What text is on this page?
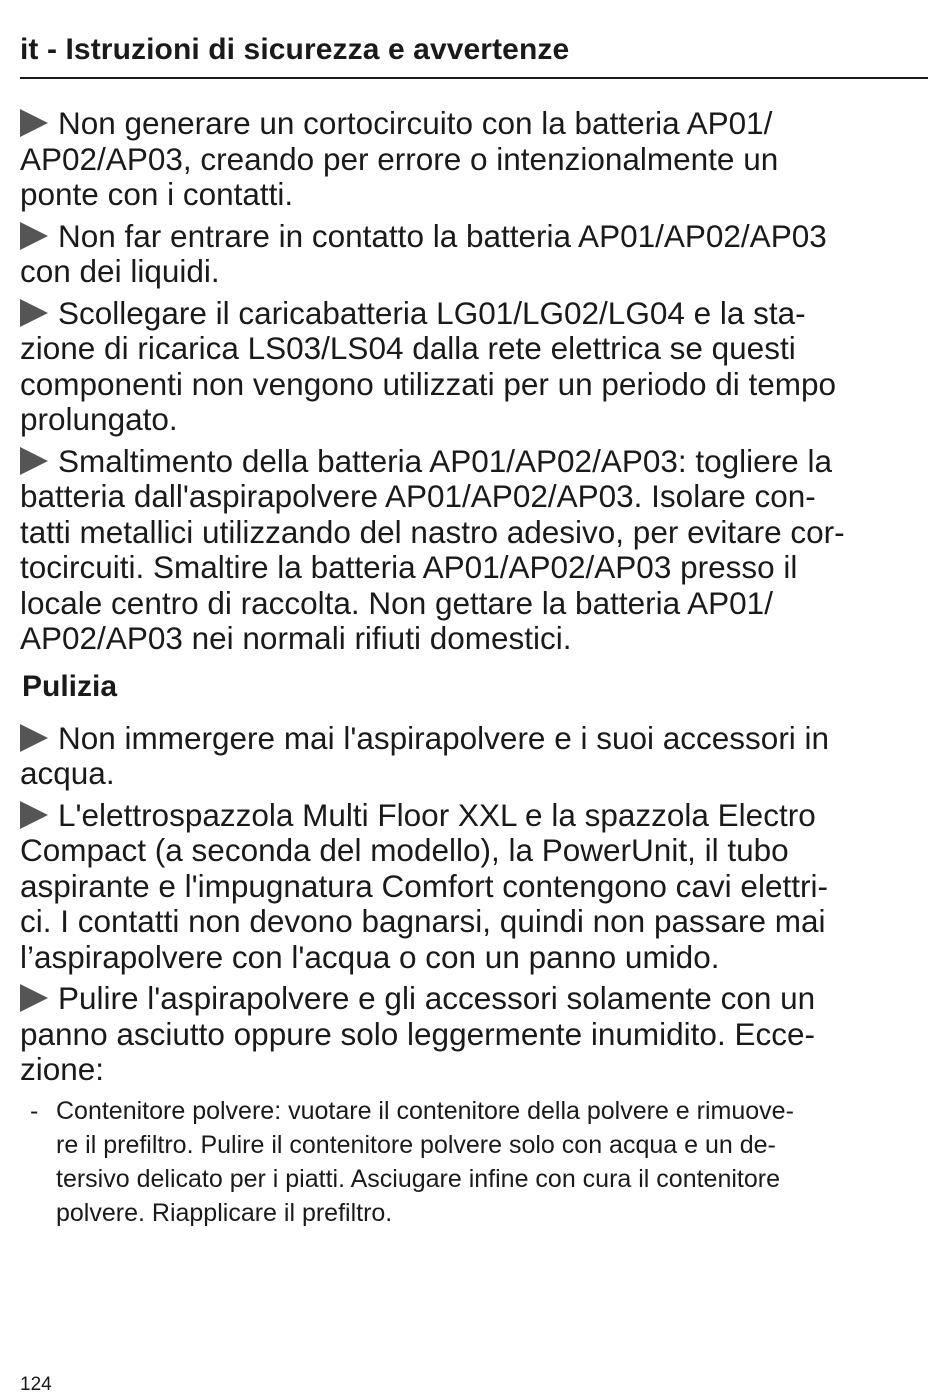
it - Istruzioni di sicurezza e avvertenze
Non generare un cortocircuito con la batteria AP01/
AP02/AP03, creando per errore o intenzionalmente un
ponte con i contatti.
Non far entrare in contatto la batteria AP01/AP02/AP03
con dei liquidi.
Scollegare il caricabatteria LG01/LG02/LG04 e la sta-
zione di ricarica LS03/LS04 dalla rete elettrica se questi
componenti non vengono utilizzati per un periodo di tempo
prolungato.
Smaltimento della batteria AP01/AP02/AP03: togliere la
batteria dall'aspirapolvere AP01/AP02/AP03. Isolare con-
tatti metallici utilizzando del nastro adesivo, per evitare cor-
tocircuiti. Smaltire la batteria AP01/AP02/AP03 presso il
locale centro di raccolta. Non gettare la batteria AP01/
AP02/AP03 nei normali rifiuti domestici.
Pulizia
Non immergere mai l'aspirapolvere e i suoi accessori in
acqua.
L'elettrospazzola Multi Floor XXL e la spazzola Electro
Compact (a seconda del modello), la PowerUnit, il tubo
aspirante e l'impugnatura Comfort contengono cavi elettri-
ci. I contatti non devono bagnarsi, quindi non passare mai
l’aspirapolvere con l'acqua o con un panno umido.
Pulire l'aspirapolvere e gli accessori solamente con un
panno asciutto oppure solo leggermente inumidito. Ecce-
zione:
- Contenitore polvere: vuotare il contenitore della polvere e rimuove-
re il prefiltro. Pulire il contenitore polvere solo con acqua e un de-
tersivo delicato per i piatti. Asciugare infine con cura il contenitore
polvere. Riapplicare il prefiltro.
124
